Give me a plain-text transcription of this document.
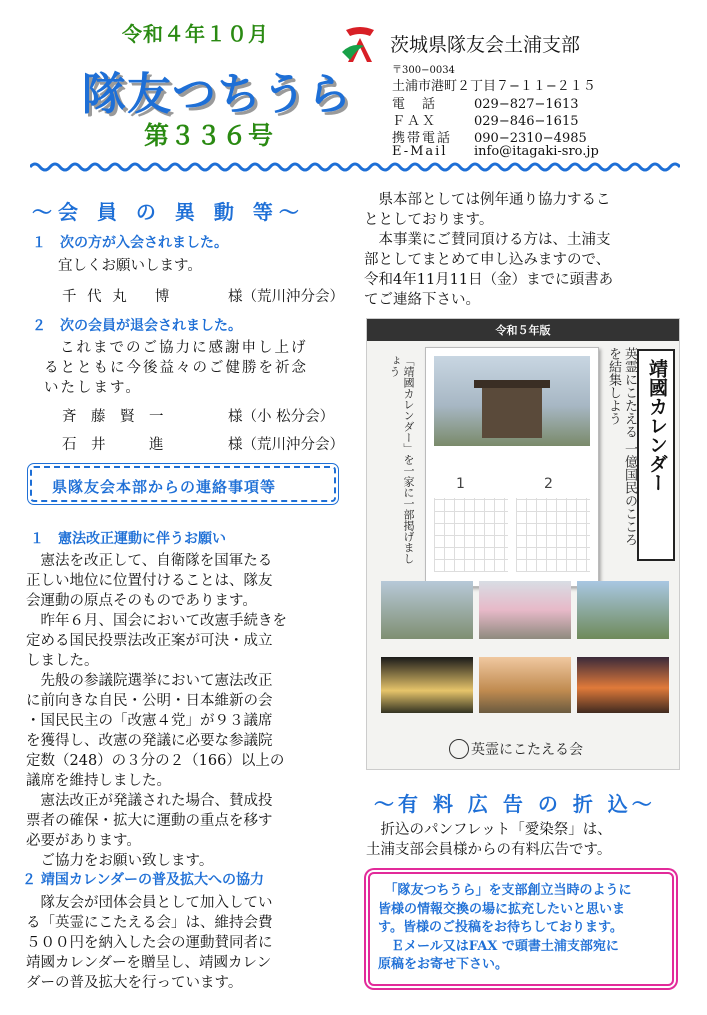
令和４年１０月
隊友つちうら
第３３６号
茨城県隊友会土浦支部
〒300−0034
土浦市港町２丁目７−１１−２１５
電　話	029−827−1613
ＦＡＸ	029−846−1615
携帯電話 090−2310−4985
E-Mail info@itagaki-sro.jp
～会 員 の 異 動 等～
１　次の方が入会されました。
宜しくお願いします。
千 代 丸　 博	様（荒川沖分会）
２　次の会員が退会されました。
これまでのご協力に感謝申し上げ
るとともに今後益々のご健勝を祈念
いたします。
斉　藤　賢　一	様（小 松分会）
石　井　　　進	様（荒川沖分会）
県隊友会本部からの連絡事項等
１　憲法改正運動に伴うお願い
　憲法を改正して、自衛隊を国軍たる
正しい地位に位置付けることは、隊友
会運動の原点そのものであります。
　昨年６月、国会において改憲手続きを
定める国民投票法改正案が可決・成立
しました。
　先般の参議院選挙において憲法改正
に前向きな自民・公明・日本維新の会
・国民民主の「改憲４党」が９３議席
を獲得し、改憲の発議に必要な参議院
定数（248）の３分の２（166）以上の
議席を維持しました。
　憲法改正が発議された場合、賛成投
票者の確保・拡大に運動の重点を移す
必要があります。
　ご協力をお願い致します。
２ 靖国カレンダーの普及拡大への協力
　隊友会が団体会員として加入してい
る「英霊にこたえる会」は、維持会費
５００円を納入した会の運動賛同者に
靖國カレンダーを贈呈し、靖國カレン
ダーの普及拡大を行っています。
　県本部としては例年通り協力するこ
ととしております。
　本事業にご賛同頂ける方は、土浦支
部としてまとめて申し込みますので、
令和4年11月11日（金）までに頭書あ
てご連絡下さい。
令和５年版
1	2
「靖國カレンダー」を一家に一部掲げましょう	英霊にこたえる 一億国民のこころを結集しよう	靖國カレンダー
英霊にこたえる会
～有 料 広 告 の 折 込～
　折込のパンフレット「愛染祭」は、
土浦支部会員様からの有料広告です。
　「隊友つちうら」を支部創立当時のように
皆様の情報交換の場に拡充したいと思いま
す。皆様のご投稿をお待ちしております。
　Ｅメール又はFAX で頭書土浦支部宛に
原稿をお寄せ下さい。
